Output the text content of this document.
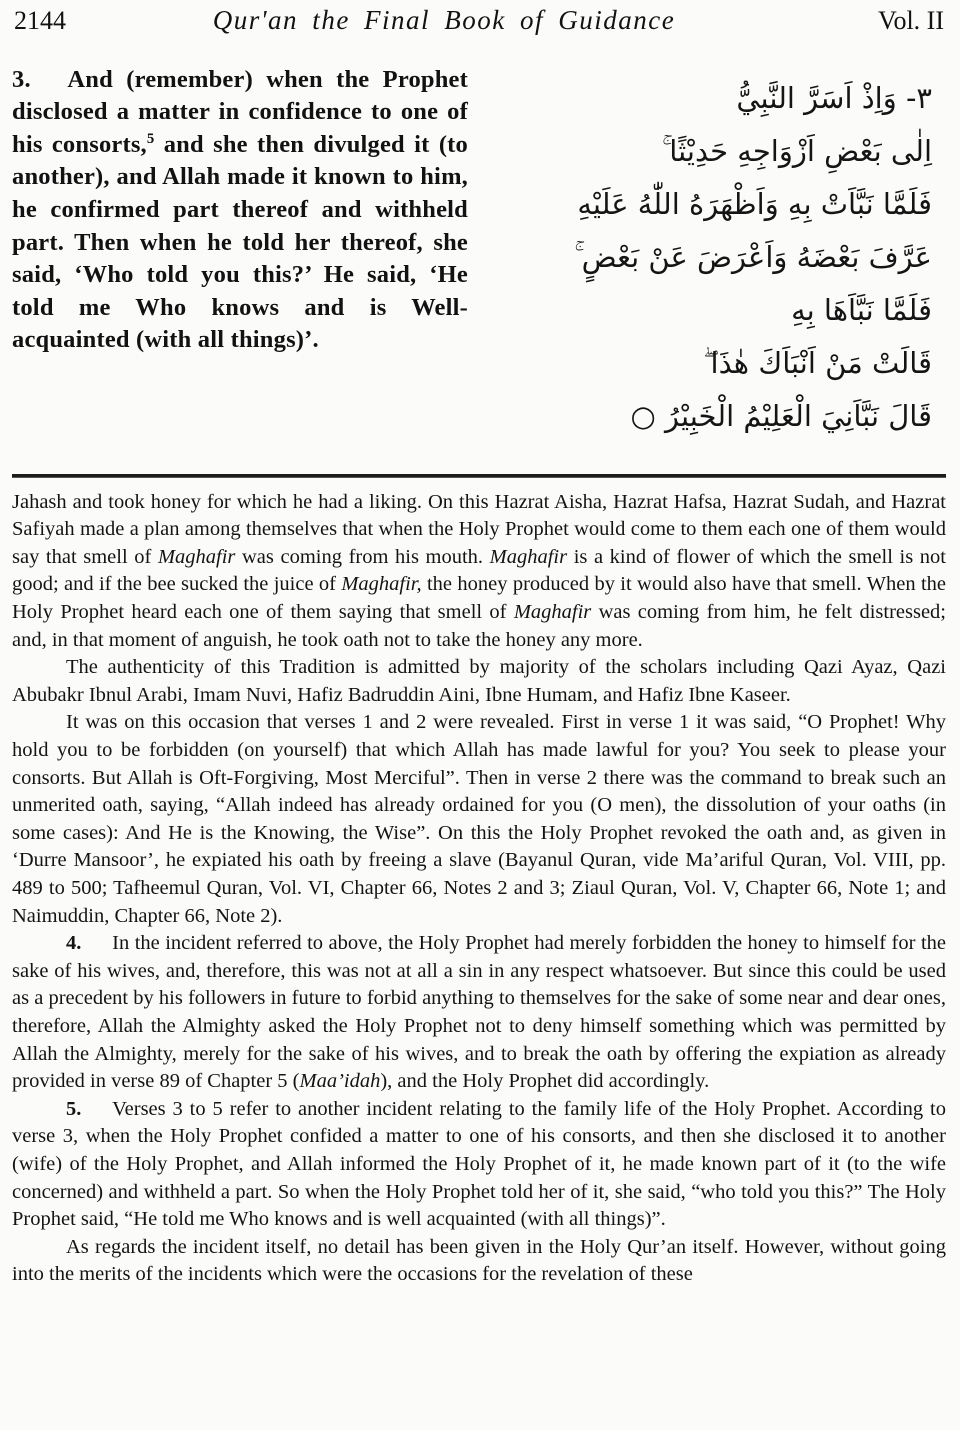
2144	Qur'an the Final Book of Guidance	Vol. II
3.  And (remember) when the Prophet disclosed a matter in confidence to one of his consorts,$^5$ and she then divulged it (to another), and Allah made it known to him, he confirmed part thereof and withheld part. Then when he told her thereof, she said, ‘Who told you this?’ He said, ‘He told me Who knows and is Well-acquainted (with all things)’.
٣- وَاِذْ اَسَرَّ النَّبِيُّ
اِلٰى بَعْضِ اَزْوَاجِهِ حَدِيْثًا ۚ
فَلَمَّا نَبَّاَتْ بِهِ وَاَظْهَرَهُ اللّٰهُ عَلَيْهِ
عَرَّفَ بَعْضَهُ وَاَعْرَضَ عَنْ بَعْضٍ ۚ
فَلَمَّا نَبَّاَهَا بِهِ
قَالَتْ مَنْ اَنْبَاَكَ هٰذَا ۖ
قَالَ نَبَّاَنِيَ الْعَلِيْمُ الْخَبِيْرُ ○

Jahash and took honey for which he had a liking. On this Hazrat Aisha, Hazrat Hafsa, Hazrat Sudah, and Hazrat Safiyah made a plan among themselves that when the Holy Prophet would come to them each one of them would say that smell of Maghafir was coming from his mouth. Maghafir is a kind of flower of which the smell is not good; and if the bee sucked the juice of Maghafir, the honey produced by it would also have that smell. When the Holy Prophet heard each one of them saying that smell of Maghafir was coming from him, he felt distressed; and, in that moment of anguish, he took oath not to take the honey any more.

The authenticity of this Tradition is admitted by majority of the scholars including Qazi Ayaz, Qazi Abubakr Ibnul Arabi, Imam Nuvi, Hafiz Badruddin Aini, Ibne Humam, and Hafiz Ibne Kaseer.

It was on this occasion that verses 1 and 2 were revealed. First in verse 1 it was said, “O Prophet! Why hold you to be forbidden (on yourself) that which Allah has made lawful for you? You seek to please your consorts. But Allah is Oft-Forgiving, Most Merciful”. Then in verse 2 there was the command to break such an unmerited oath, saying, “Allah indeed has already ordained for you (O men), the dissolution of your oaths (in some cases): And He is the Knowing, the Wise”. On this the Holy Prophet revoked the oath and, as given in ‘Durre Mansoor’, he expiated his oath by freeing a slave (Bayanul Quran, vide Ma’ariful Quran, Vol. VIII, pp. 489 to 500; Tafheemul Quran, Vol. VI, Chapter 66, Notes 2 and 3; Ziaul Quran, Vol. V, Chapter 66, Note 1; and Naimuddin, Chapter 66, Note 2).

4.  In the incident referred to above, the Holy Prophet had merely forbidden the honey to himself for the sake of his wives, and, therefore, this was not at all a sin in any respect whatsoever. But since this could be used as a precedent by his followers in future to forbid anything to themselves for the sake of some near and dear ones, therefore, Allah the Almighty asked the Holy Prophet not to deny himself something which was permitted by Allah the Almighty, merely for the sake of his wives, and to break the oath by offering the expiation as already provided in verse 89 of Chapter 5 (Maa’idah), and the Holy Prophet did accordingly.

5.  Verses 3 to 5 refer to another incident relating to the family life of the Holy Prophet. According to verse 3, when the Holy Prophet confided a matter to one of his consorts, and then she disclosed it to another (wife) of the Holy Prophet, and Allah informed the Holy Prophet of it, he made known part of it (to the wife concerned) and withheld a part. So when the Holy Prophet told her of it, she said, “who told you this?” The Holy Prophet said, “He told me Who knows and is well acquainted (with all things)”.

As regards the incident itself, no detail has been given in the Holy Qur’an itself. However, without going into the merits of the incidents which were the occasions for the revelation of these
